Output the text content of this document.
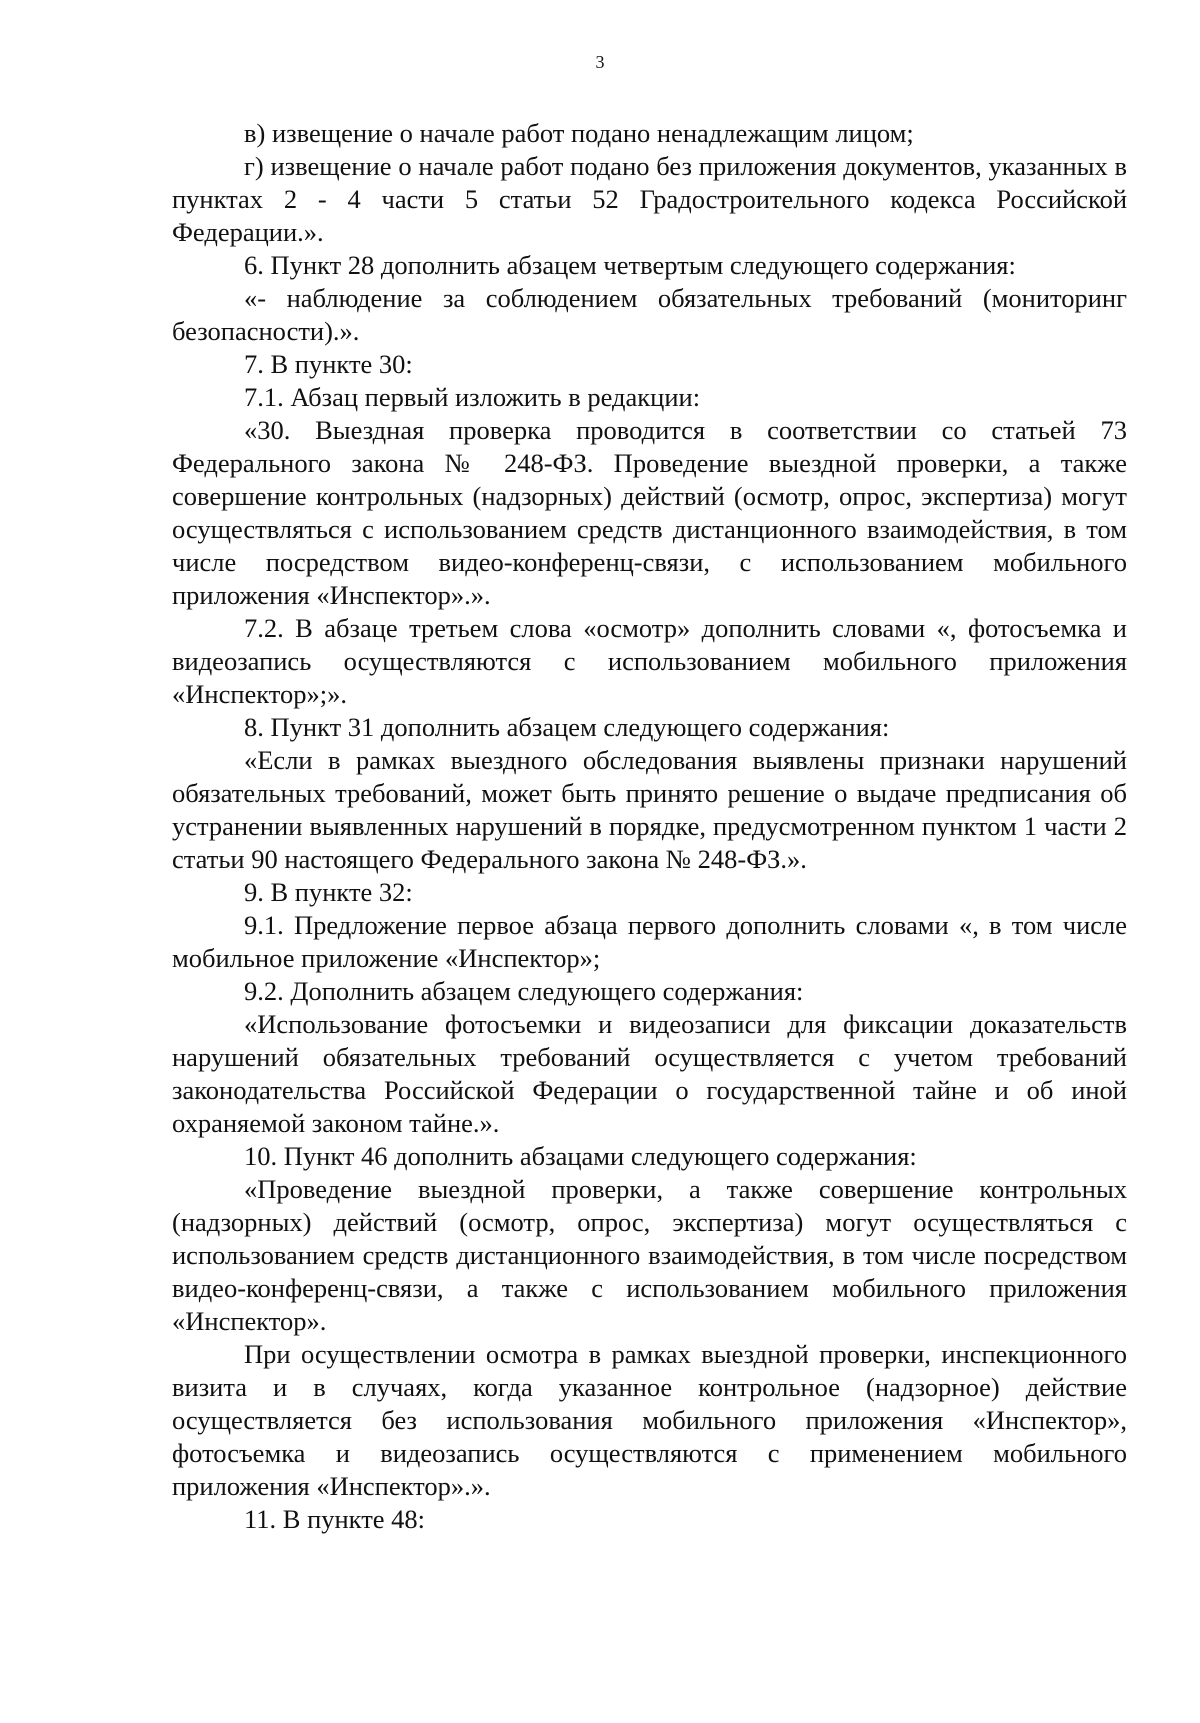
3

в) извещение о начале работ подано ненадлежащим лицом;

г) извещение о начале работ подано без приложения документов, указанных в пунктах 2 - 4 части 5 статьи 52 Градостроительного кодекса Российской Федерации.».

6. Пункт 28 дополнить абзацем четвертым следующего содержания:

«- наблюдение за соблюдением обязательных требований (мониторинг безопасности).».

7. В пункте 30:

7.1. Абзац первый изложить в редакции:

«30. Выездная проверка проводится в соответствии со статьей 73 Федерального закона № 248-ФЗ. Проведение выездной проверки, а также совершение контрольных (надзорных) действий (осмотр, опрос, экспертиза) могут осуществляться с использованием средств дистанционного взаимодействия, в том числе посредством видео-конференц-связи, с использованием мобильного приложения «Инспектор».».

7.2. В абзаце третьем слова «осмотр» дополнить словами «, фотосъемка и видеозапись осуществляются с использованием мобильного приложения «Инспектор»;».

8. Пункт 31 дополнить абзацем следующего содержания:

«Если в рамках выездного обследования выявлены признаки нарушений обязательных требований, может быть принято решение о выдаче предписания об устранении выявленных нарушений в порядке, предусмотренном пунктом 1 части 2 статьи 90 настоящего Федерального закона № 248-ФЗ.».

9. В пункте 32:

9.1. Предложение первое абзаца первого дополнить словами «, в том числе мобильное приложение «Инспектор»;

9.2. Дополнить абзацем следующего содержания:

«Использование фотосъемки и видеозаписи для фиксации доказательств нарушений обязательных требований осуществляется с учетом требований законодательства Российской Федерации о государственной тайне и об иной охраняемой законом тайне.».

10. Пункт 46 дополнить абзацами следующего содержания:

«Проведение выездной проверки, а также совершение контрольных (надзорных) действий (осмотр, опрос, экспертиза) могут осуществляться с использованием средств дистанционного взаимодействия, в том числе посредством видео-конференц-связи, а также с использованием мобильного приложения «Инспектор».

При осуществлении осмотра в рамках выездной проверки, инспекционного визита и в случаях, когда указанное контрольное (надзорное) действие осуществляется без использования мобильного приложения «Инспектор», фотосъемка и видеозапись осуществляются с применением мобильного приложения «Инспектор».».

11. В пункте 48:
